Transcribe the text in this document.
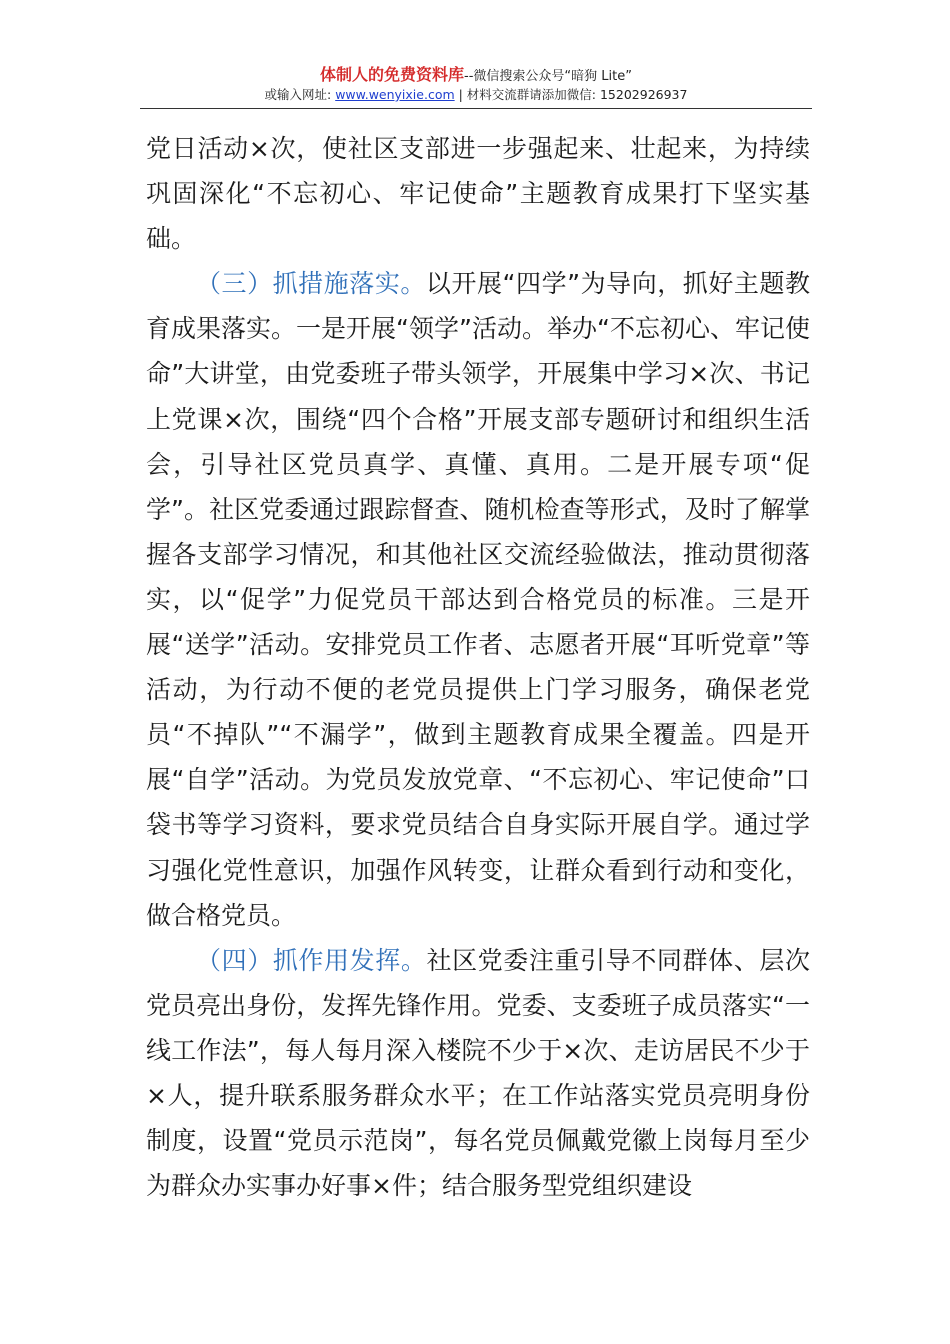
体制人的免费资料库--微信搜索公众号“暗狗 Lite”
或输入网址: www.wenyixie.com | 材料交流群请添加微信: 15202926937

党日活动×次，使社区支部进一步强起来、壮起来，为持续巩固深化“不忘初心、牢记使命”主题教育成果打下坚实基础。

（三）抓措施落实。以开展“四学”为导向，抓好主题教育成果落实。一是开展“领学”活动。举办“不忘初心、牢记使命”大讲堂，由党委班子带头领学，开展集中学习×次、书记上党课×次，围绕“四个合格”开展支部专题研讨和组织生活会，引导社区党员真学、真懂、真用。二是开展专项“促学”。社区党委通过跟踪督查、随机检查等形式，及时了解掌握各支部学习情况，和其他社区交流经验做法，推动贯彻落实，以“促学”力促党员干部达到合格党员的标准。三是开展“送学”活动。安排党员工作者、志愿者开展“耳听党章”等活动，为行动不便的老党员提供上门学习服务，确保老党员“不掉队”“不漏学”，做到主题教育成果全覆盖。四是开展“自学”活动。为党员发放党章、“不忘初心、牢记使命”口袋书等学习资料，要求党员结合自身实际开展自学。通过学习强化党性意识，加强作风转变，让群众看到行动和变化，做合格党员。

（四）抓作用发挥。社区党委注重引导不同群体、层次党员亮出身份，发挥先锋作用。党委、支委班子成员落实“一线工作法”，每人每月深入楼院不少于×次、走访居民不少于×人，提升联系服务群众水平；在工作站落实党员亮明身份制度，设置“党员示范岗”，每名党员佩戴党徽上岗每月至少为群众办实事办好事×件；结合服务型党组织建设
